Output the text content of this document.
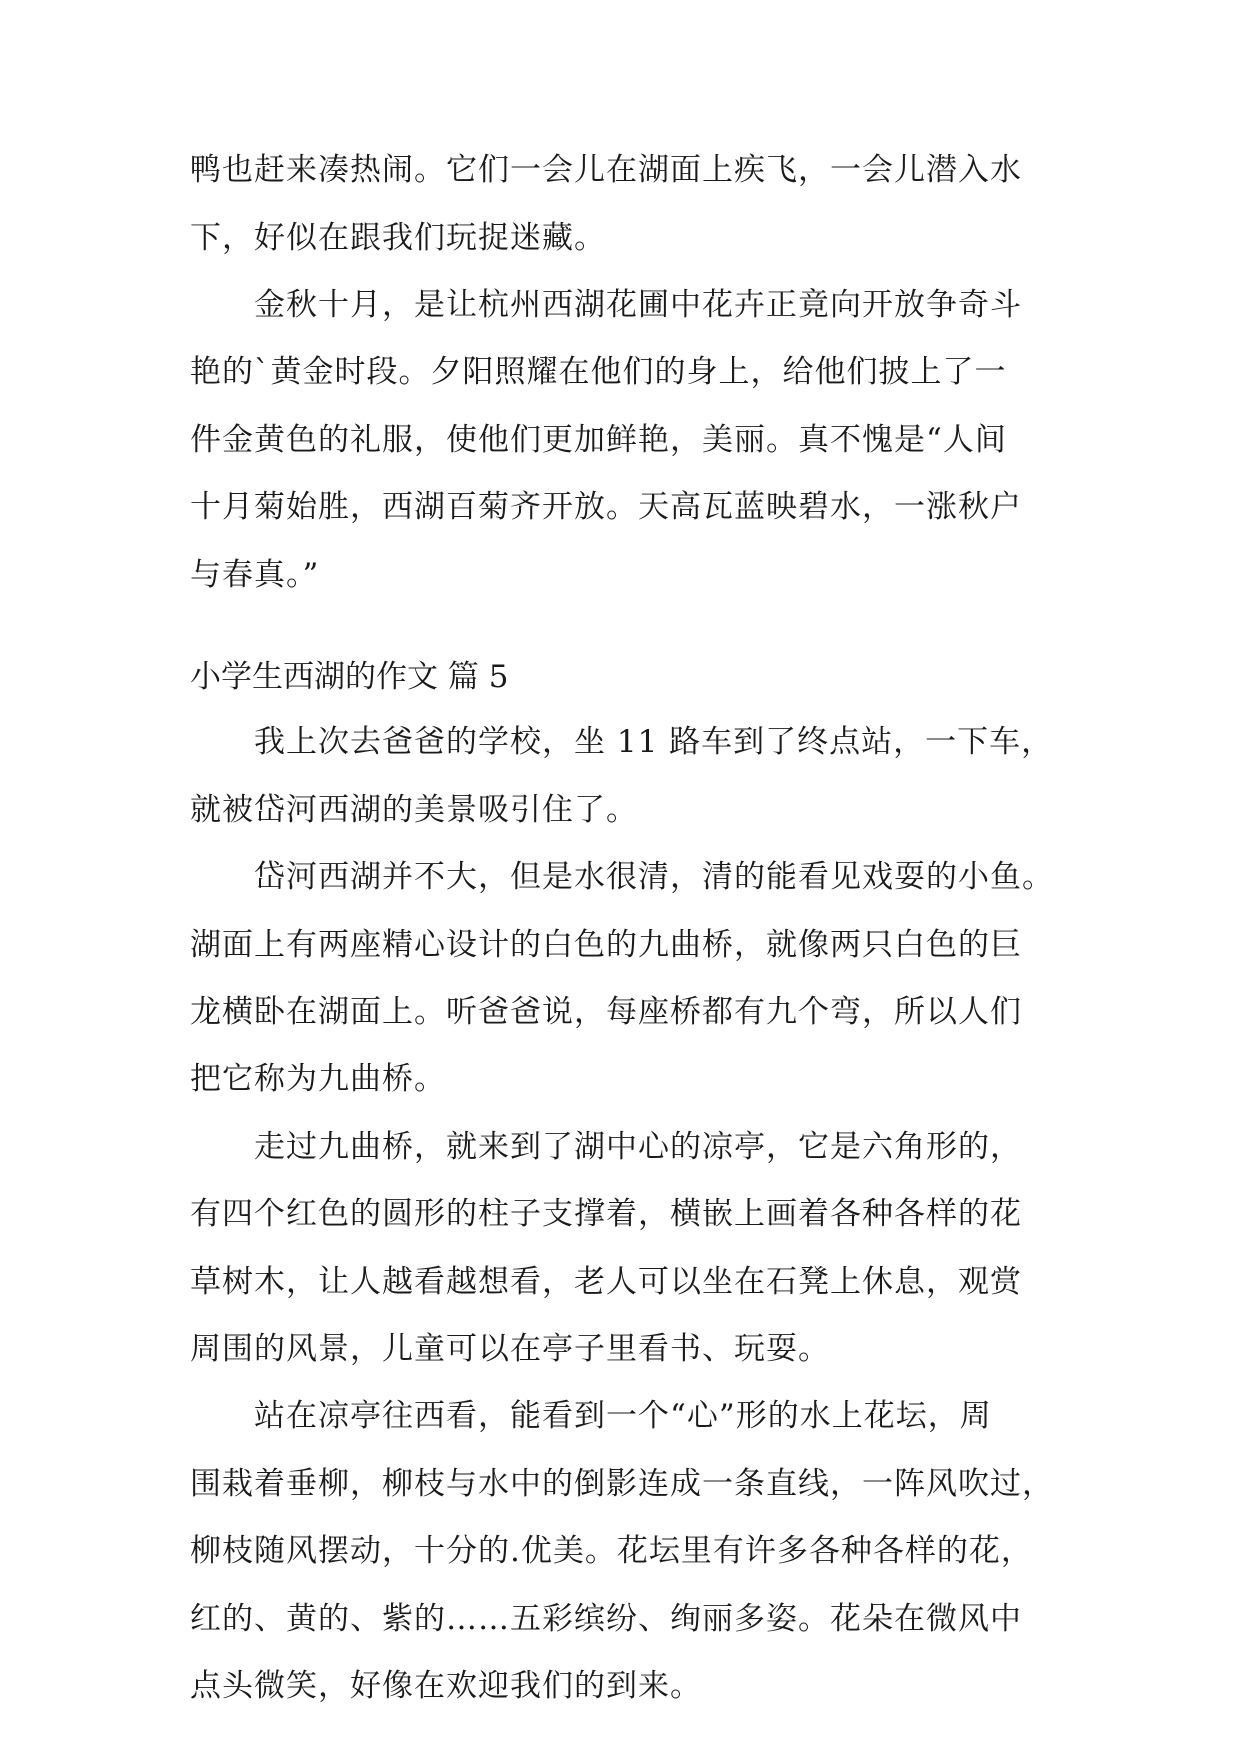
鸭也赶来凑热闹。它们一会儿在湖面上疾飞，一会儿潜入水
下，好似在跟我们玩捉迷藏。
　　金秋十月，是让杭州西湖花圃中花卉正竟向开放争奇斗
艳的`黄金时段。夕阳照耀在他们的身上，给他们披上了一
件金黄色的礼服，使他们更加鲜艳，美丽。真不愧是“人间
十月菊始胜，西湖百菊齐开放。天高瓦蓝映碧水，一涨秋户
与春真。”
小学生西湖的作文 篇 5
　　我上次去爸爸的学校，坐 11 路车到了终点站，一下车，
就被岱河西湖的美景吸引住了。
　　岱河西湖并不大，但是水很清，清的能看见戏耍的小鱼。
湖面上有两座精心设计的白色的九曲桥，就像两只白色的巨
龙横卧在湖面上。听爸爸说，每座桥都有九个弯，所以人们
把它称为九曲桥。
　　走过九曲桥，就来到了湖中心的凉亭，它是六角形的，
有四个红色的圆形的柱子支撑着，横嵌上画着各种各样的花
草树木，让人越看越想看，老人可以坐在石凳上休息，观赏
周围的风景，儿童可以在亭子里看书、玩耍。
　　站在凉亭往西看，能看到一个“心”形的水上花坛，周
围栽着垂柳，柳枝与水中的倒影连成一条直线，一阵风吹过，
柳枝随风摆动，十分的.优美。花坛里有许多各种各样的花，
红的、黄的、紫的……五彩缤纷、绚丽多姿。花朵在微风中
点头微笑，好像在欢迎我们的到来。
